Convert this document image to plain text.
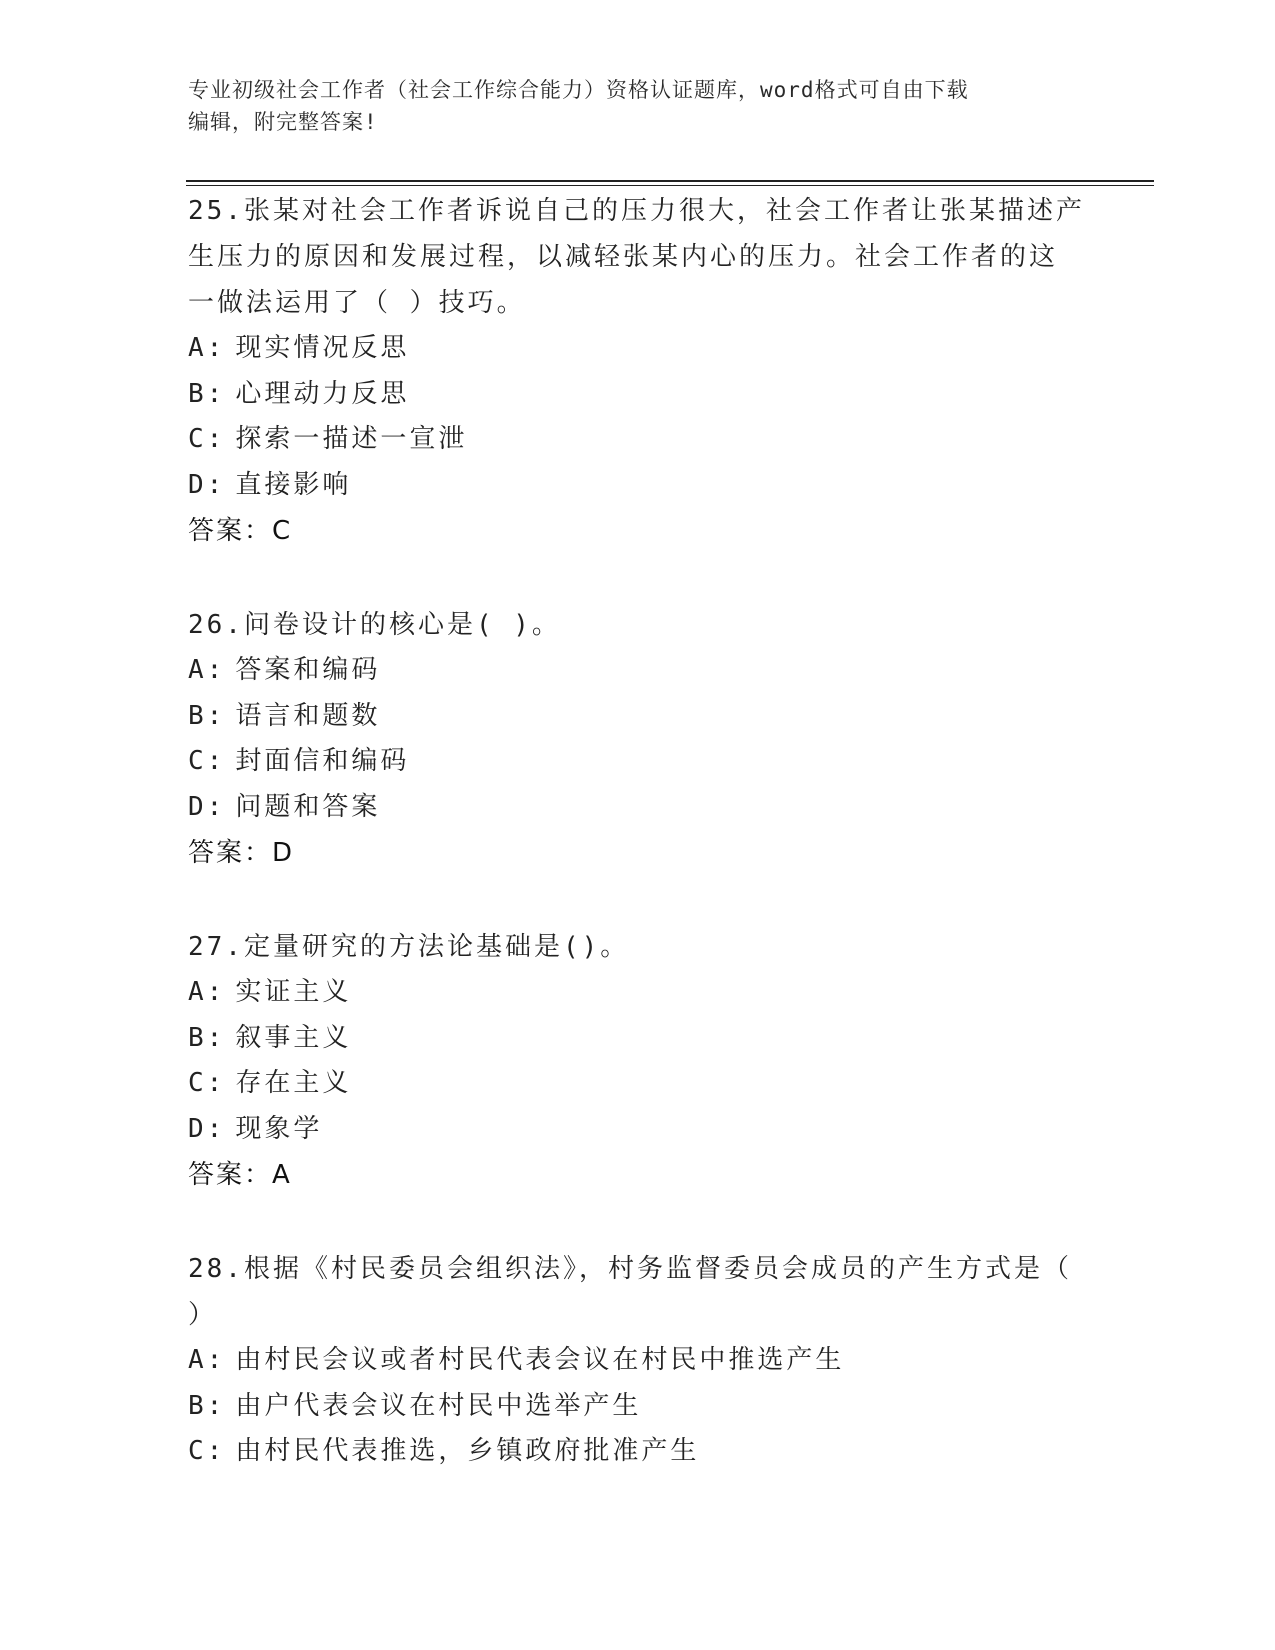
专业初级社会工作者（社会工作综合能力）资格认证题库，word格式可自由下载
编辑，附完整答案!

25.张某对社会工作者诉说自己的压力很大，社会工作者让张某描述产

生压力的原因和发展过程，以减轻张某内心的压力。社会工作者的这

一做法运用了（ ）技巧。

A: 现实情况反思

B: 心理动力反思

C: 探索一描述一宣泄

D: 直接影响

答案：C

26.问卷设计的核心是( )。

A: 答案和编码

B: 语言和题数

C: 封面信和编码

D: 问题和答案

答案：D

27.定量研究的方法论基础是()。

A: 实证主义

B: 叙事主义

C: 存在主义

D: 现象学

答案：A

28.根据《村民委员会组织法》，村务监督委员会成员的产生方式是（

）

A: 由村民会议或者村民代表会议在村民中推选产生

B: 由户代表会议在村民中选举产生

C: 由村民代表推选，乡镇政府批准产生
